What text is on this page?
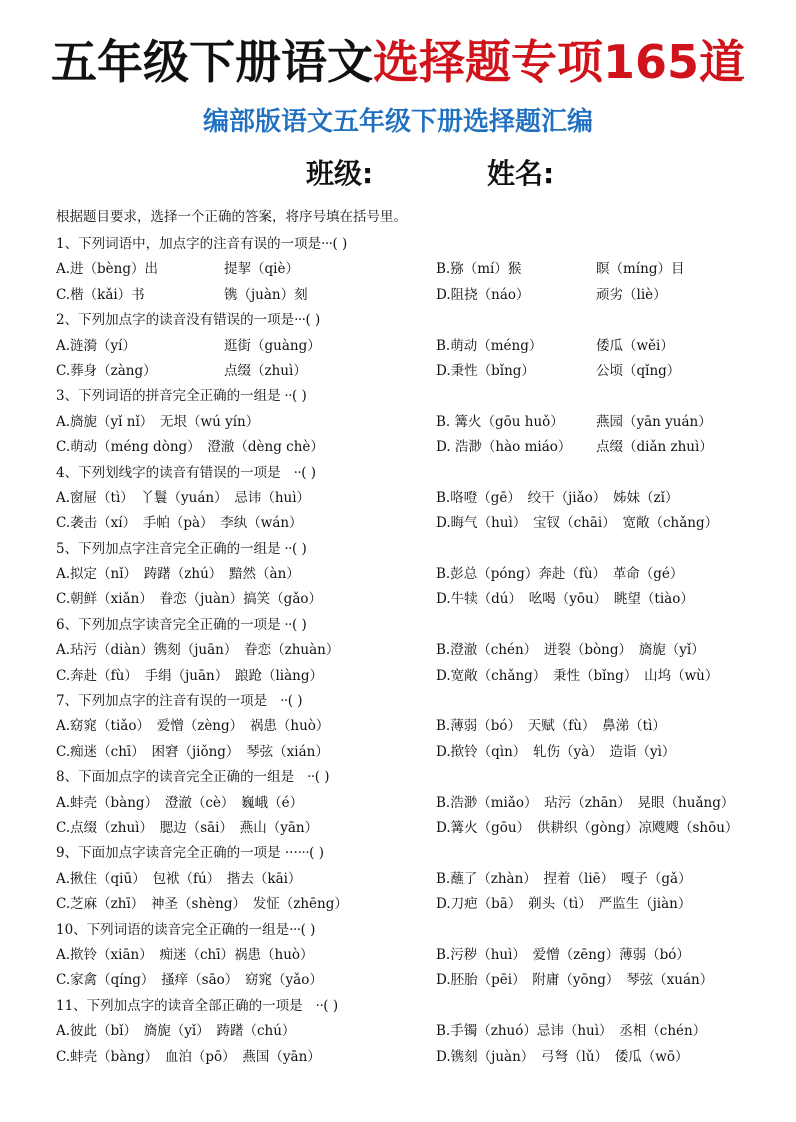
五年级下册语文选择题专项165道
编部版语文五年级下册选择题汇编
班级:	姓名:
根据题目要求，选择一个正确的答案，将序号填在括号里。
1、下列词语中，加点字的注音有误的一项是···( )
A.进（bèng）出	提挈（qiè）	B.猕（mí）猴	瞑（míng）目
C.楷（kǎi）书	镌（juàn）刻	D.阻挠（náo）	顽劣（liè）
2、下列加点字的读音没有错误的一项是···( )
A.涟漪（yí）	逛街（guàng）	B.萌动（méng）	倭瓜（wěi）
C.葬身（zàng）	点缀（zhuì）	D.秉性（bǐng）	公顷（qǐng）
3、下列词语的拼音完全正确的一组是 ··( )
A.旖旎（yǐ nǐ）　无垠（wú yín）	B. 篝火（gōu huǒ） 燕园（yān yuán）
C.萌动（méng dòng）　澄澈（dèng chè）	D. 浩渺（hào miáo） 点缀（diǎn zhuì）
4、下列划线字的读音有错误的一项是　··( )
A.窗屉（tì）　丫鬟（yuán）　忌讳（huì）	B.咯噔（gē）　绞干（jiǎo）　姊妹（zǐ）
C.袭击（xí）　手帕（pà）　李纨（wán）	D.晦气（huì）　宝钗（chāi）　宽敞（chǎng）
5、下列加点字注音完全正确的一组是 ··( )
A.拟定（nǐ）　踌躇（zhú）　黯然（àn）	B.彭总（póng）奔赴（fù）　革命（gé）
C.朝鲜（xiǎn）　眷恋（juàn）搞笑（gǎo）	D.牛犊（dú）　吆喝（yōu）　眺望（tiào）
6、下列加点字读音完全正确的一项是 ··( )
A.玷污（diàn）镌刻（juān）　眷恋（zhuàn）	B.澄澈（chén）　迸裂（bòng）　旖旎（yǐ）
C.奔赴（fù）　手绢（juān）　踉跄（liàng）	D.宽敞（chǎng）　秉性（bǐng）　山坞（wù）
7、下列加点字的注音有误的一项是　··( )
A.窈窕（tiǎo）　爱憎（zèng）　祸患（huò）	B.薄弱（bó）　天赋（fù）　鼻涕（tì）
C.痴迷（chī）　困窘（jiǒng）　琴弦（xián）	D.揿铃（qìn）　轧伤（yà）　造诣（yì）
8、下面加点字的读音完全正确的一组是　··( )
A.蚌壳（bàng）　澄澈（cè）　巍峨（é）	B.浩渺（miǎo）　玷污（zhān）　晃眼（huǎng）
C.点缀（zhuì）　腮边（sāi）　燕山（yān）	D.篝火（gōu）　供耕织（gòng）凉飕飕（shōu）
9、下面加点字读音完全正确的一项是 ······( )
A.揪住（qiū）　包袱（fú）　揩去（kāi）	B.蘸了（zhàn）　捏着（liē）　嘎子（gǎ）
C.芝麻（zhī）　神圣（shèng）　发怔（zhēng）	D.刀疤（bā）　剃头（tì）　严监生（jiàn）
10、下列词语的读音完全正确的一组是···( )
A.揿铃（xiān）　痴迷（chī）祸患（huò）	B.污秽（huì）　爱憎（zēng）薄弱（bó）
C.家禽（qíng）　搔痒（sāo）　窈窕（yǎo）	D.胚胎（pēi）　附庸（yōng）　琴弦（xuán）
11、下列加点字的读音全部正确的一项是　··( )
A.彼此（bǐ）　旖旎（yǐ）　踌躇（chú）	B.手镯（zhuó）忌讳（huì）　丞相（chén）
C.蚌壳（bàng）　血泊（pō）　燕国（yān）	D.镌刻（juàn）　弓弩（lǔ）　倭瓜（wō）
